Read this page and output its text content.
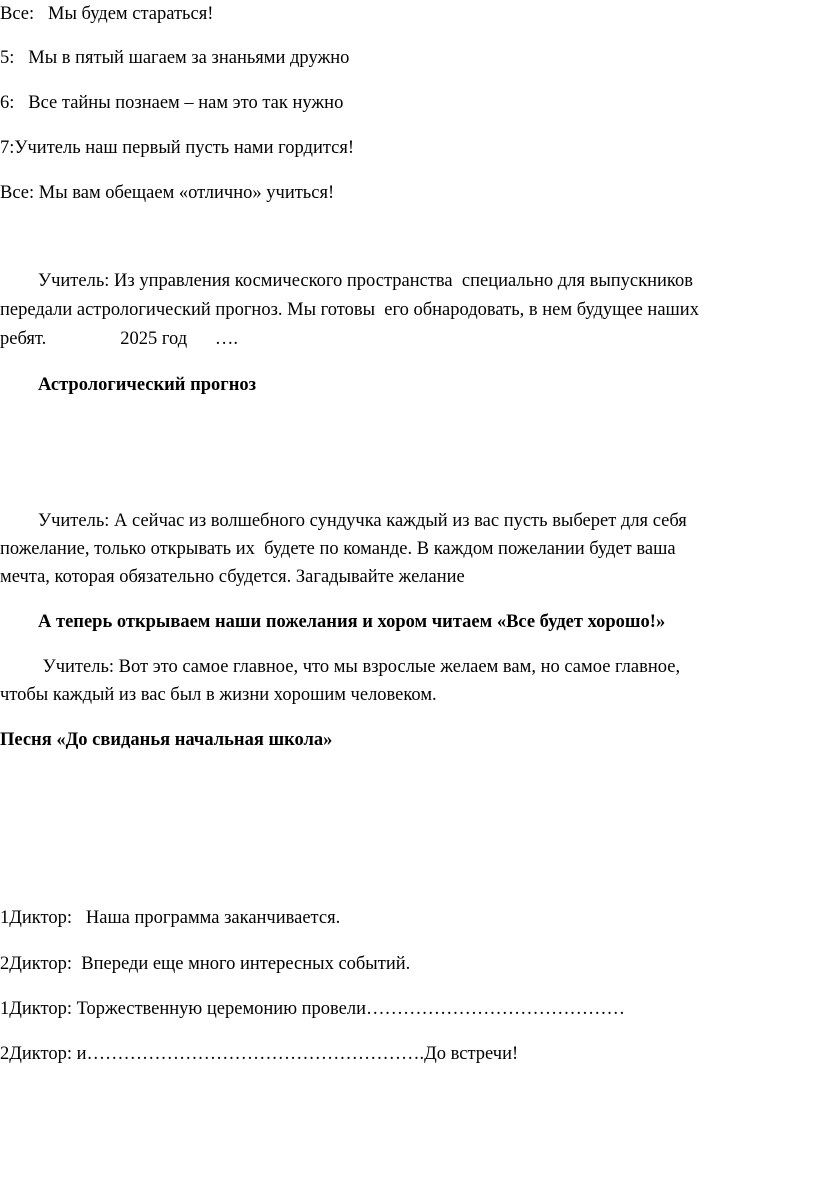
Все:   Мы будем стараться!
5:   Мы в пятый шагаем за знаньями дружно
6:   Все тайны познаем – нам это так нужно
7:Учитель наш первый пусть нами гордится!
Все: Мы вам обещаем «отлично» учиться!
Учитель: Из управления космического пространства  специально для выпускников
передали астрологический прогноз. Мы готовы  его обнародовать, в нем будущее наших
ребят.                2025 год      ….
Астрологический прогноз
Учитель: А сейчас из волшебного сундучка каждый из вас пусть выберет для себя
пожелание, только открывать их  будете по команде. В каждом пожелании будет ваша
мечта, которая обязательно сбудется. Загадывайте желание
А теперь открываем наши пожелания и хором читаем «Все будет хорошо!»
Учитель: Вот это самое главное, что мы взрослые желаем вам, но самое главное,
чтобы каждый из вас был в жизни хорошим человеком.
Песня «До свиданья начальная школа»
1Диктор:   Наша программа заканчивается.
2Диктор:  Впереди еще много интересных событий.
1Диктор: Торжественную церемонию провели……………………………………
2Диктор: и……………………………………………….До встречи!
